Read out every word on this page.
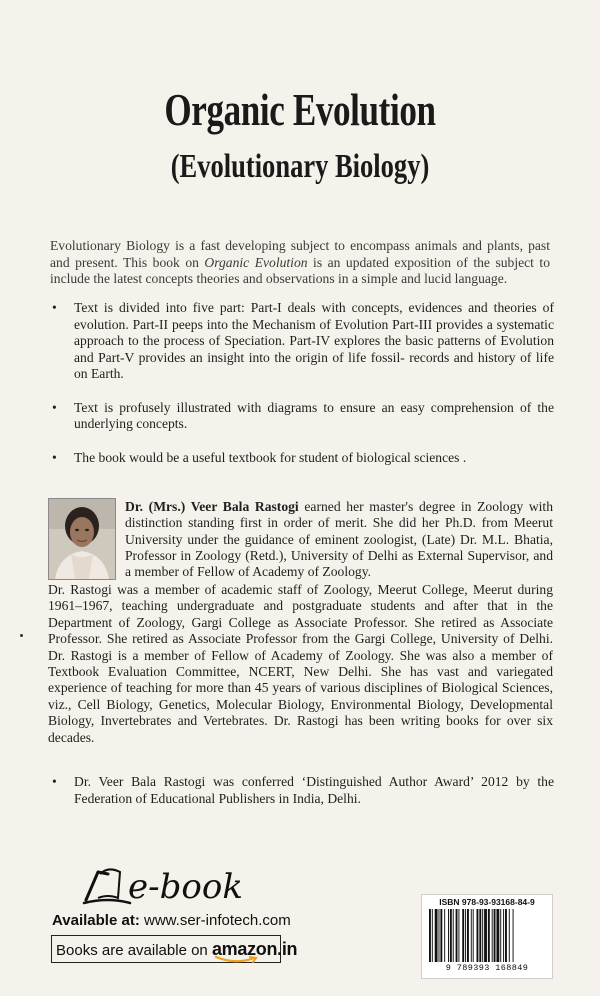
Organic Evolution
(Evolutionary Biology)
Evolutionary Biology is a fast developing subject to encompass animals and plants, past and present. This book on Organic Evolution is an updated exposition of the subject to include the latest concepts theories and observations in a simple and lucid language.
• Text is divided into five part: Part-I deals with concepts, evidences and theories of evolution. Part-II peeps into the Mechanism of Evolution Part-III provides a systematic approach to the process of Speciation. Part-IV explores the basic patterns of Evolution and Part-V provides an insight into the origin of life fossil- records and history of life on Earth.
• Text is profusely illustrated with diagrams to ensure an easy comprehension of the underlying concepts.
• The book would be a useful textbook for student of biological sciences .
Dr. (Mrs.) Veer Bala Rastogi earned her master's degree in Zoology with distinction standing first in order of merit. She did her Ph.D. from Meerut University under the guidance of eminent zoologist, (Late) Dr. M.L. Bhatia, Professor in Zoology (Retd.), University of Delhi as External Supervisor, and a member of Fellow of Academy of Zoology.
Dr. Rastogi was a member of academic staff of Zoology, Meerut College, Meerut during 1961–1967, teaching undergraduate and postgraduate students and after that in the Department of Zoology, Gargi College as Associate Professor. She retired as Associate Professor. She retired as Associate Professor from the Gargi College, University of Delhi. Dr. Rastogi is a member of Fellow of Academy of Zoology. She was also a member of Textbook Evaluation Committee, NCERT, New Delhi. She has vast and variegated experience of teaching for more than 45 years of various disciplines of Biological Sciences, viz., Cell Biology, Genetics, Molecular Biology, Environmental Biology, Developmental Biology, Invertebrates and Vertebrates. Dr. Rastogi has been writing books for over six decades.
• Dr. Veer Bala Rastogi was conferred ‘Distinguished Author Award’ 2012 by the Federation of Educational Publishers in India, Delhi.
e-book
Available at: www.ser-infotech.com
Books are available on amazon.in
ISBN 978-93-93168-84-9
9 789393 168849
